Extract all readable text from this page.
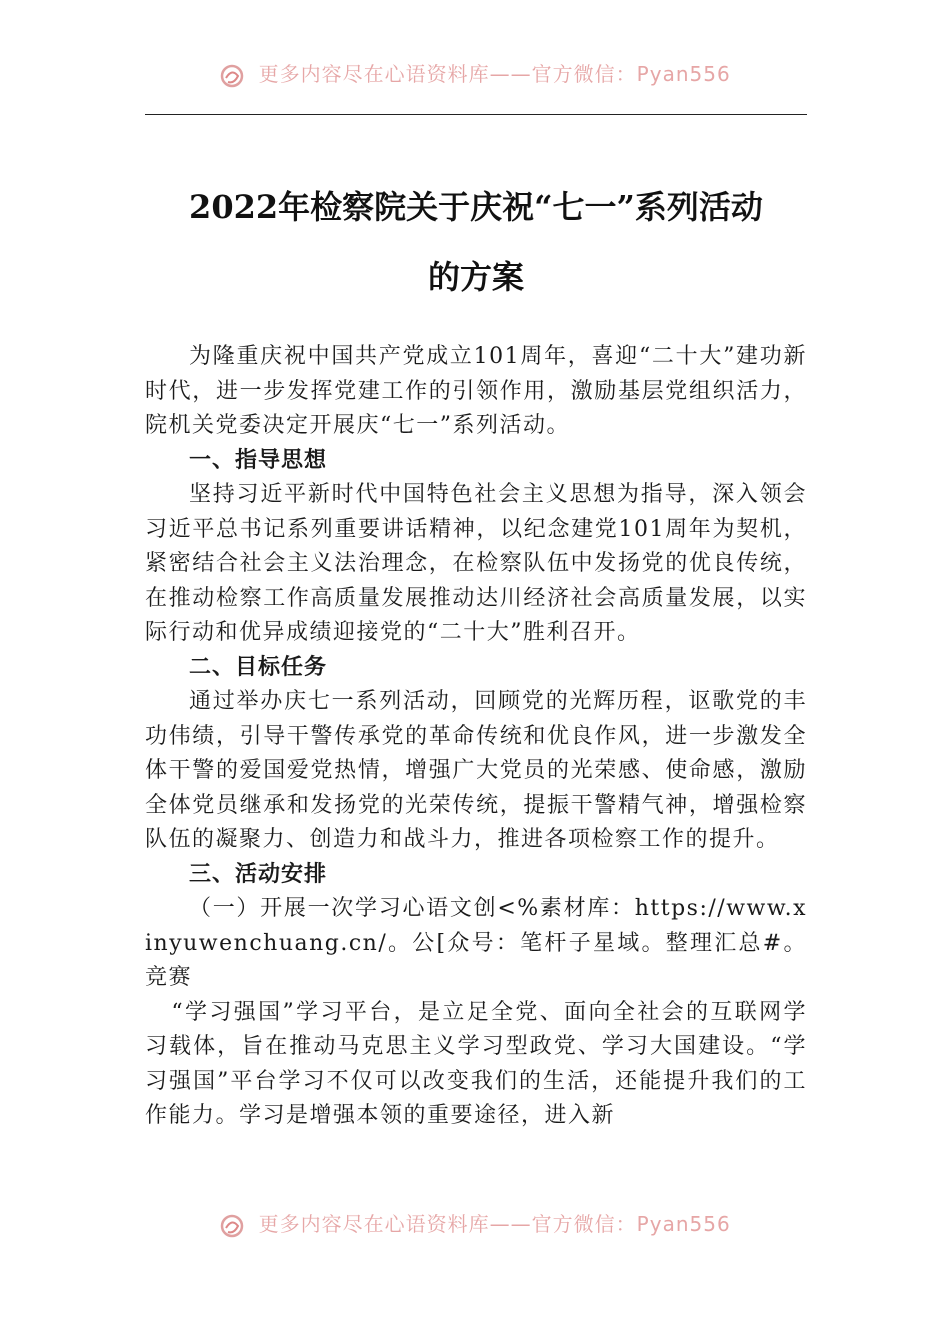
更多内容尽在心语资料库——官方微信：Pyan556
2022年检察院关于庆祝“七一”系列活动
的方案

为隆重庆祝中国共产党成立101周年，喜迎“二十大”建功新时代，进一步发挥党建工作的引领作用，激励基层党组织活力，院机关党委决定开展庆“七一”系列活动。

一、指导思想

坚持习近平新时代中国特色社会主义思想为指导，深入领会习近平总书记系列重要讲话精神，以纪念建党101周年为契机，紧密结合社会主义法治理念，在检察队伍中发扬党的优良传统，在推动检察工作高质量发展推动达川经济社会高质量发展，以实际行动和优异成绩迎接党的“二十大”胜利召开。

二、目标任务

通过举办庆七一系列活动，回顾党的光辉历程，讴歌党的丰功伟绩，引导干警传承党的革命传统和优良作风，进一步激发全体干警的爱国爱党热情，增强广大党员的光荣感、使命感，激励全体党员继承和发扬党的光荣传统，提振干警精气神，增强检察队伍的凝聚力、创造力和战斗力，推进各项检察工作的提升。

三、活动安排

（一）开展一次学习心语文创<%素材库：https://www.xinyuwenchuang.cn/。公[众号：笔杆子星域。整理汇总#。竞赛

“学习强国”学习平台，是立足全党、面向全社会的互联网学习载体，旨在推动马克思主义学习型政党、学习大国建设。“学习强国”平台学习不仅可以改变我们的生活，还能提升我们的工作能力。学习是增强本领的重要途径，进入新

更多内容尽在心语资料库——官方微信：Pyan556
